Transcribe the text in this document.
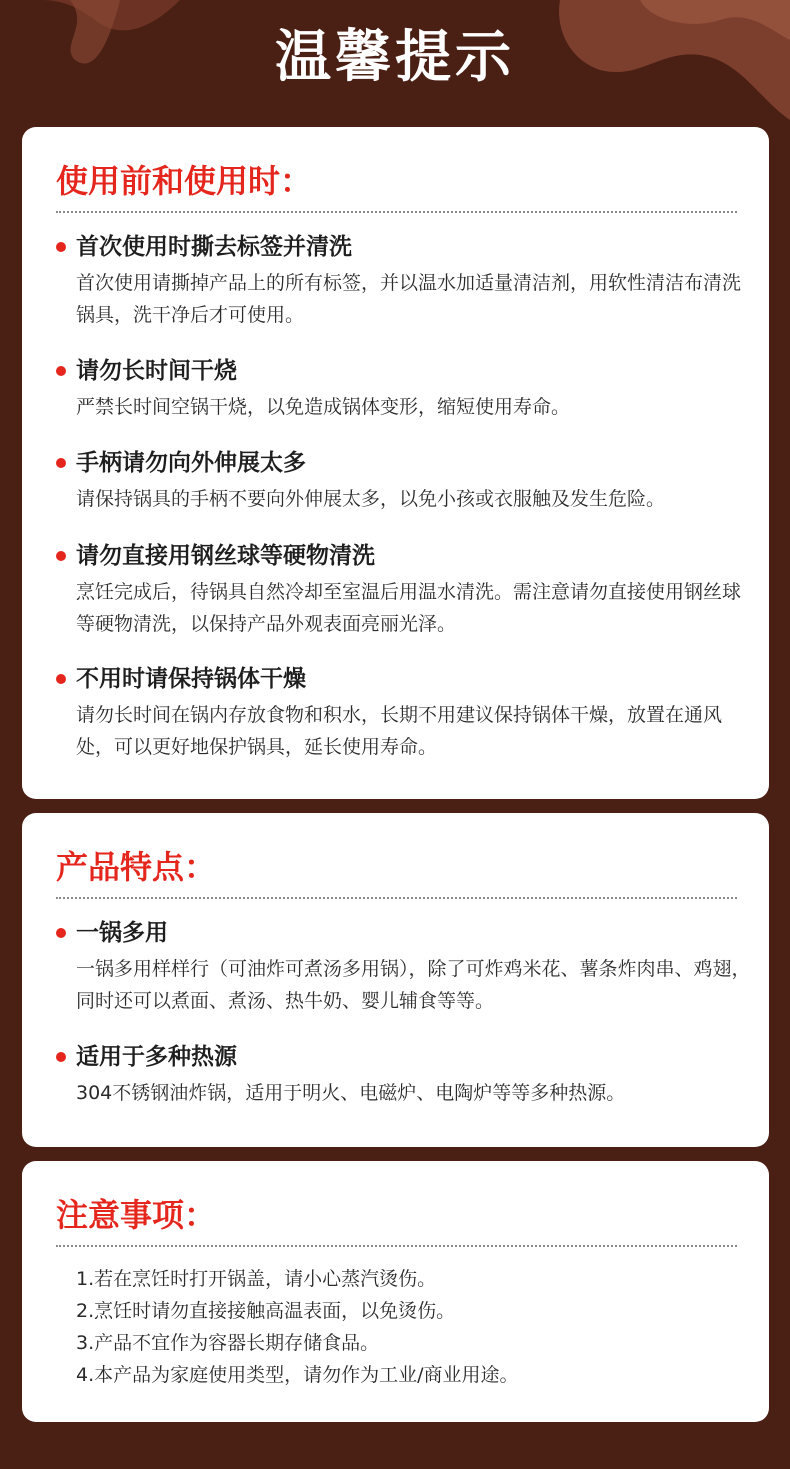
温馨提示
使用前和使用时：
首次使用时撕去标签并清洗
首次使用请撕掉产品上的所有标签，并以温水加适量清洁剂，用软性清洁布清洗锅具，洗干净后才可使用。
请勿长时间干烧
严禁长时间空锅干烧，以免造成锅体变形，缩短使用寿命。
手柄请勿向外伸展太多
请保持锅具的手柄不要向外伸展太多，以免小孩或衣服触及发生危险。
请勿直接用钢丝球等硬物清洗
烹饪完成后，待锅具自然冷却至室温后用温水清洗。需注意请勿直接使用钢丝球等硬物清洗，以保持产品外观表面亮丽光泽。
不用时请保持锅体干燥
请勿长时间在锅内存放食物和积水，长期不用建议保持锅体干燥，放置在通风处，可以更好地保护锅具，延长使用寿命。
产品特点：
一锅多用
一锅多用样样行（可油炸可煮汤多用锅），除了可炸鸡米花、薯条炸肉串、鸡翅，同时还可以煮面、煮汤、热牛奶、婴儿辅食等等。
适用于多种热源
304不锈钢油炸锅，适用于明火、电磁炉、电陶炉等等多种热源。
注意事项：
1.若在烹饪时打开锅盖，请小心蒸汽烫伤。
2.烹饪时请勿直接接触高温表面，以免烫伤。
3.产品不宜作为容器长期存储食品。
4.本产品为家庭使用类型，请勿作为工业/商业用途。
